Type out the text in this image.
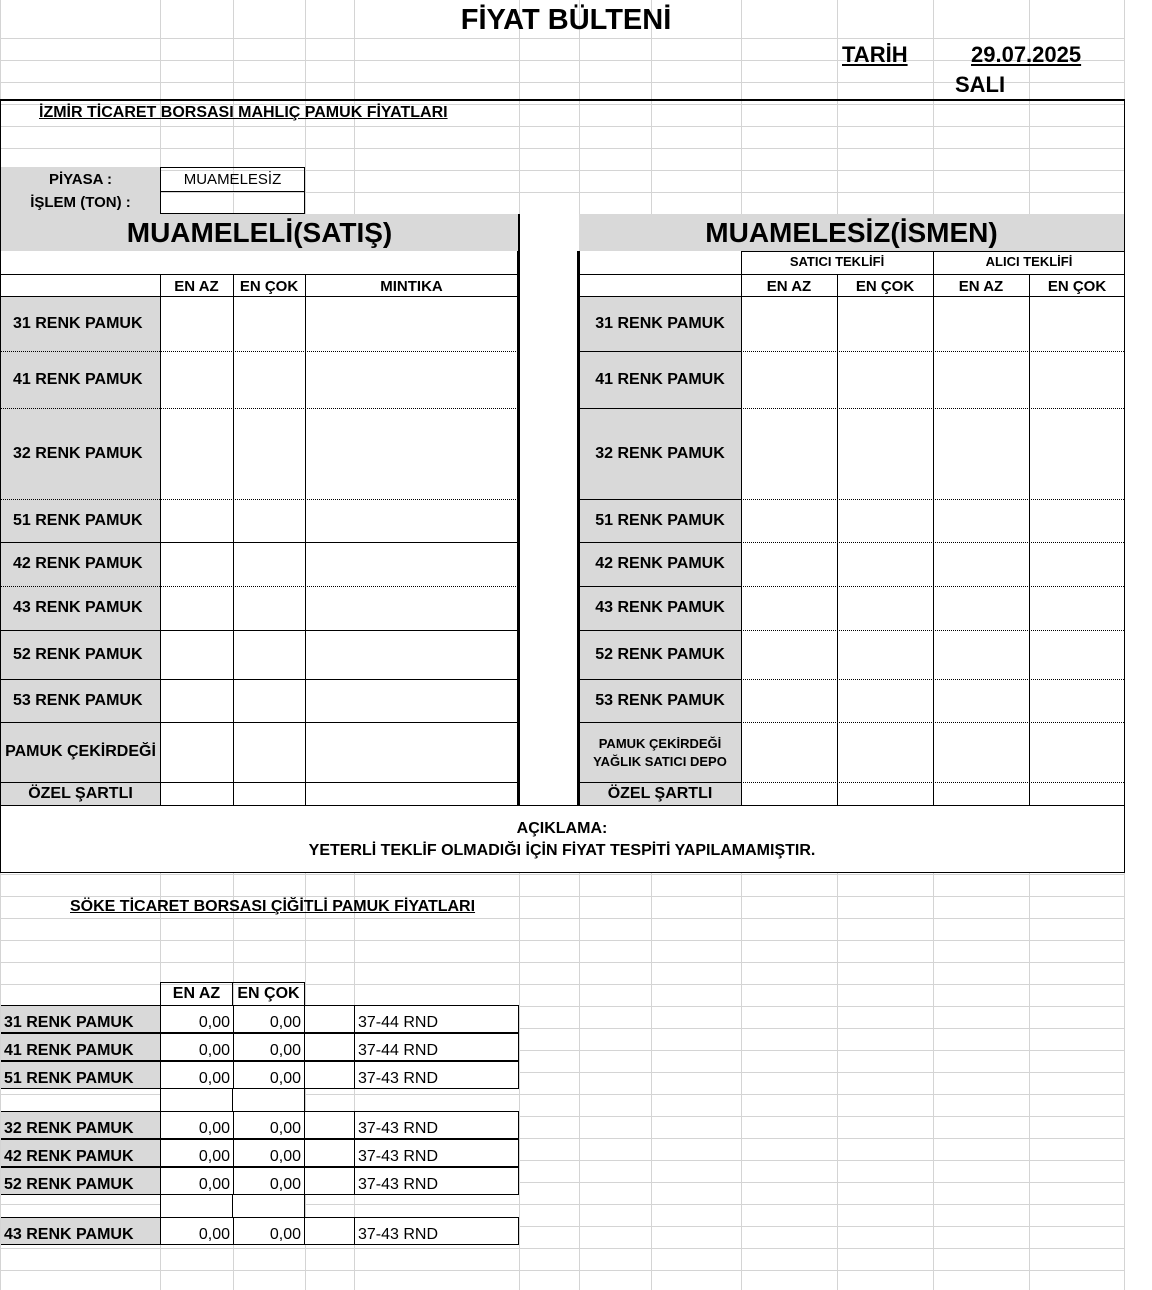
FİYAT BÜLTENİ
TARİH	29.07.2025
SALI
İZMİR TİCARET BORSASI MAHLIÇ PAMUK FİYATLARI
PİYASA :	MUAMELESİZ
İŞLEM (TON) :
MUAMELELİ(SATIŞ)	MUAMELESİZ(İSMEN)
SATICI TEKLİFİ	ALICI TEKLİFİ
EN AZ	EN ÇOK	MINTIKA	EN AZ	EN ÇOK	EN AZ	EN ÇOK
31 RENK PAMUK
41 RENK PAMUK
32 RENK PAMUK
51 RENK PAMUK
42 RENK PAMUK
43 RENK PAMUK
52 RENK PAMUK
53 RENK PAMUK
PAMUK ÇEKİRDEĞİ
ÖZEL ŞARTLI
31 RENK PAMUK
41 RENK PAMUK
32 RENK PAMUK
51 RENK PAMUK
42 RENK PAMUK
43 RENK PAMUK
52 RENK PAMUK
53 RENK PAMUK
PAMUK ÇEKİRDEĞİ
YAĞLIK SATICI DEPO
ÖZEL ŞARTLI
AÇIKLAMA:
YETERLİ TEKLİF OLMADIĞI İÇİN FİYAT TESPİTİ YAPILAMAMIŞTIR.
SÖKE TİCARET BORSASI ÇİĞİTLİ PAMUK FİYATLARI
EN AZ EN ÇOK
31 RENK PAMUK	0,00 0,00	37-44 RND
41 RENK PAMUK	0,00 0,00	37-44 RND
51 RENK PAMUK	0,00 0,00	37-43 RND
32 RENK PAMUK	0,00 0,00	37-43 RND
42 RENK PAMUK	0,00 0,00	37-43 RND
52 RENK PAMUK	0,00 0,00	37-43 RND
43 RENK PAMUK	0,00 0,00	37-43 RND
